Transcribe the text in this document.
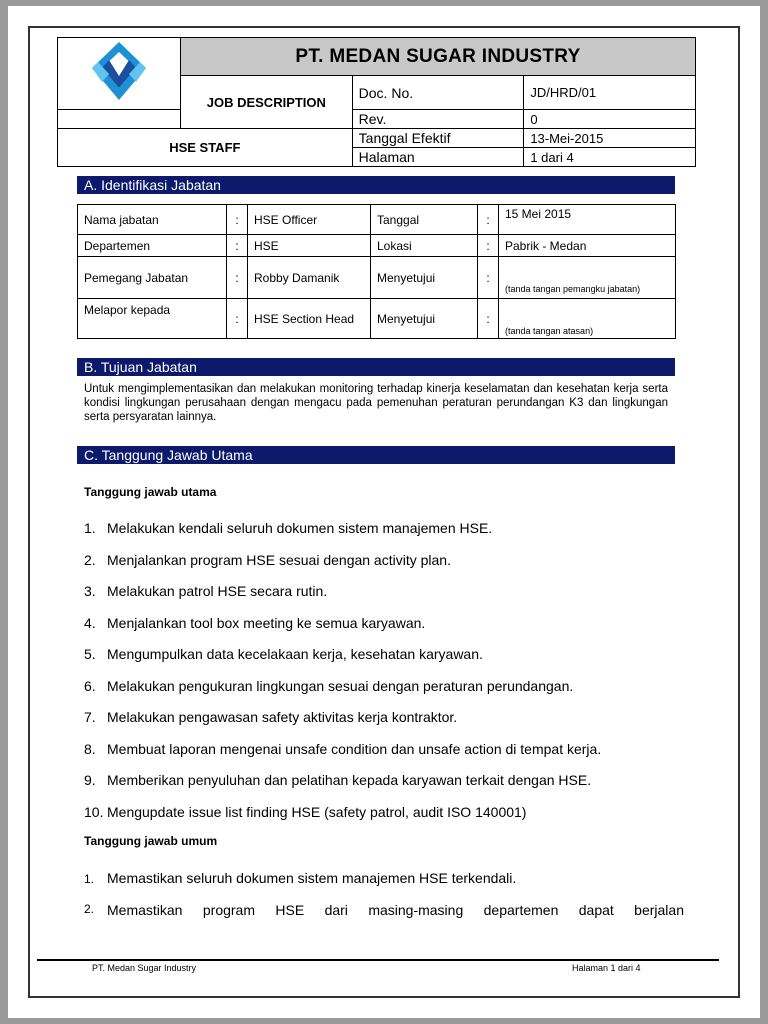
	PT. MEDAN SUGAR INDUSTRY		
	JOB DESCRIPTION	Doc. No.	JD/HRD/01
		Rev.	0
HSE STAFF		Tanggal Efektif	13-Mei-2015
		Halaman	1 dari 4
A. Identifikasi Jabatan
Nama jabatan	:	HSE Officer	Tanggal	:	15 Mei 2015
Departemen	:	HSE	Lokasi	:	Pabrik - Medan
Pemegang Jabatan	:	Robby Damanik	Menyetujui	:	(tanda tangan pemangku jabatan)
Melapor kepada	:	HSE Section Head	Menyetujui	:	(tanda tangan atasan)
B. Tujuan Jabatan
Untuk mengimplementasikan dan melakukan monitoring terhadap kinerja keselamatan dan kesehatan kerja serta kondisi lingkungan perusahaan dengan mengacu pada pemenuhan peraturan perundangan K3 dan lingkungan serta persyaratan lainnya.
C. Tanggung Jawab Utama
Tanggung jawab utama
1. Melakukan kendali seluruh dokumen sistem manajemen HSE.
2. Menjalankan program HSE sesuai dengan activity plan.
3. Melakukan patrol HSE secara rutin.
4. Menjalankan tool box meeting ke semua karyawan.
5. Mengumpulkan data kecelakaan kerja, kesehatan karyawan.
6. Melakukan pengukuran lingkungan sesuai dengan peraturan perundangan.
7. Melakukan pengawasan safety aktivitas kerja kontraktor.
8. Membuat laporan mengenai unsafe condition dan unsafe action di tempat kerja.
9. Memberikan penyuluhan dan pelatihan kepada karyawan terkait dengan HSE.
10. Mengupdate issue list finding HSE (safety patrol, audit ISO 140001)
Tanggung jawab umum
1. Memastikan seluruh dokumen sistem manajemen HSE terkendali.
2. Memastikan program HSE dari masing-masing departemen dapat berjalan
PT. Medan Sugar Industry	Halaman 1 dari 4
